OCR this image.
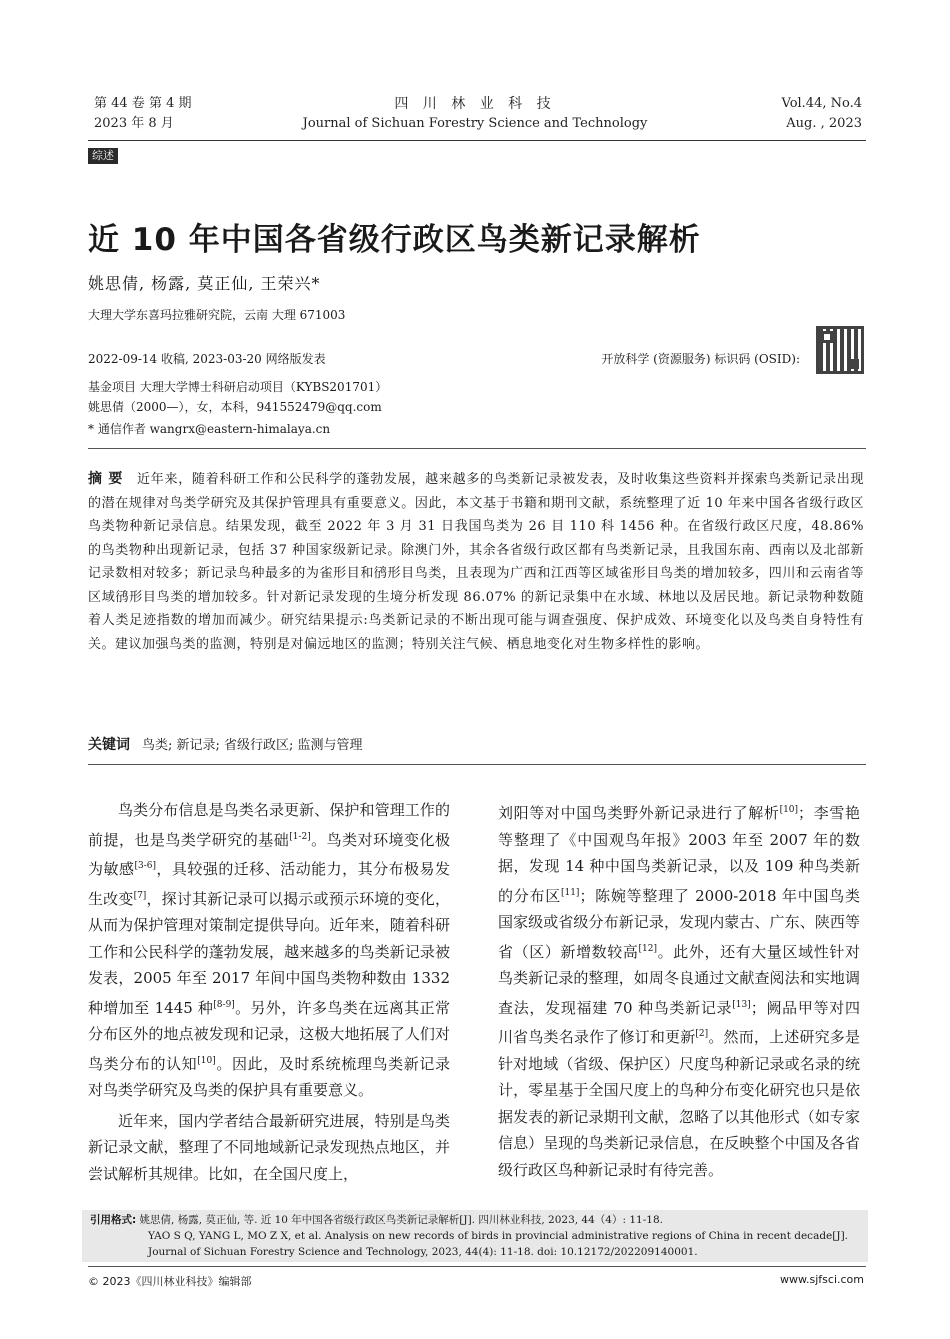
第 44 卷 第 4 期
2023 年 8 月
四 川 林 业 科 技
Journal of Sichuan Forestry Science and Technology
Vol.44, No.4
Aug. , 2023
综述
近 10 年中国各省级行政区鸟类新记录解析
姚思倩, 杨露, 莫正仙, 王荣兴*
大理大学东喜玛拉雅研究院，云南 大理 671003
2022-09-14 收稿, 2023-03-20 网络版发表	开放科学 (资源服务) 标识码 (OSID):
基金项目 大理大学博士科研启动项目（KYBS201701）
姚思倩（2000—），女，本科，941552479@qq.com
* 通信作者 wangrx@eastern-himalaya.cn
摘 要 近年来，随着科研工作和公民科学的蓬勃发展，越来越多的鸟类新记录被发表，及时收集这些资料并探索鸟类新记录出现的潜在规律对鸟类学研究及其保护管理具有重要意义。因此，本文基于书籍和期刊文献，系统整理了近 10 年来中国各省级行政区鸟类物种新记录信息。结果发现，截至 2022 年 3 月 31 日我国鸟类为 26 目 110 科 1456 种。在省级行政区尺度，48.86% 的鸟类物种出现新记录，包括 37 种国家级新记录。除澳门外，其余各省级行政区都有鸟类新记录，且我国东南、西南以及北部新记录数相对较多；新记录鸟种最多的为雀形目和鸻形目鸟类，且表现为广西和江西等区域雀形目鸟类的增加较多，四川和云南省等区域鸻形目鸟类的增加较多。针对新记录发现的生境分析发现 86.07% 的新记录集中在水域、林地以及居民地。新记录物种数随着人类足迹指数的增加而减少。研究结果提示:鸟类新记录的不断出现可能与调查强度、保护成效、环境变化以及鸟类自身特性有关。建议加强鸟类的监测，特别是对偏远地区的监测；特别关注气候、栖息地变化对生物多样性的影响。
关键词 鸟类; 新记录; 省级行政区; 监测与管理

鸟类分布信息是鸟类名录更新、保护和管理工作的前提，也是鸟类学研究的基础[1-2]。鸟类对环境变化极为敏感[3-6]，具较强的迁移、活动能力，其分布极易发生改变[7]，探讨其新记录可以揭示或预示环境的变化，从而为保护管理对策制定提供导向。近年来，随着科研工作和公民科学的蓬勃发展，越来越多的鸟类新记录被发表，2005 年至 2017 年间中国鸟类物种数由 1332 种增加至 1445 种[8-9]。另外，许多鸟类在远离其正常分布区外的地点被发现和记录，这极大地拓展了人们对鸟类分布的认知[10]。因此，及时系统梳理鸟类新记录对鸟类学研究及鸟类的保护具有重要意义。

近年来，国内学者结合最新研究进展，特别是鸟类新记录文献，整理了不同地域新记录发现热点地区，并尝试解析其规律。比如，在全国尺度上，

刘阳等对中国鸟类野外新记录进行了解析[10]；李雪艳等整理了《中国观鸟年报》2003 年至 2007 年的数据，发现 14 种中国鸟类新记录，以及 109 种鸟类新的分布区[11]；陈婉等整理了 2000-2018 年中国鸟类国家级或省级分布新记录，发现内蒙古、广东、陕西等省（区）新增数较高[12]。此外，还有大量区域性针对鸟类新记录的整理，如周冬良通过文献查阅法和实地调查法，发现福建 70 种鸟类新记录[13]；阙品甲等对四川省鸟类名录作了修订和更新[2]。然而，上述研究多是针对地域（省级、保护区）尺度鸟种新记录或名录的统计，零星基于全国尺度上的鸟种分布变化研究也只是依据发表的新记录期刊文献，忽略了以其他形式（如专家信息）呈现的鸟类新记录信息，在反映整个中国及各省级行政区鸟种新记录时有待完善。

引用格式: 姚思倩, 杨露, 莫正仙, 等. 近 10 年中国各省级行政区鸟类新记录解析[J]. 四川林业科技, 2023, 44（4）: 11-18.
YAO S Q, YANG L, MO Z X, et al. Analysis on new records of birds in provincial administrative regions of China in recent decade[J]. Journal of Sichuan Forestry Science and Technology, 2023, 44(4): 11-18. doi: 10.12172/202209140001.
© 2023《四川林业科技》编辑部	www.sjfsci.com
